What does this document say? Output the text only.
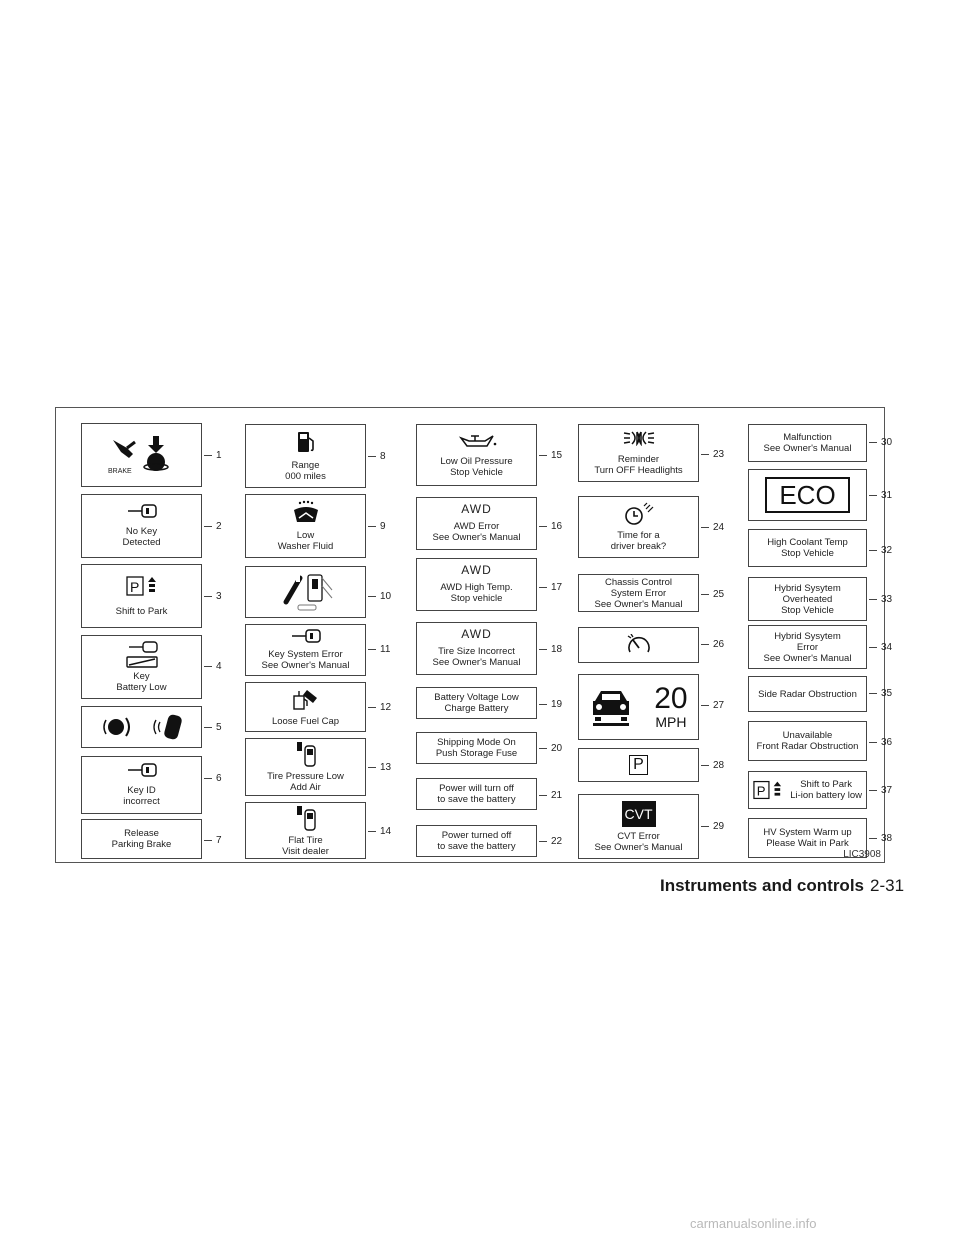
BRAKE
1
No Key
Detected
2
P
Shift to Park
3
Key
Battery Low
4
5
Key ID
incorrect
6
Release
Parking Brake	7
Range
000 miles
8
Low
Washer Fluid
9
10
Key System Error
See Owner's Manual
11
Loose Fuel Cap
12
Tire Pressure Low
Add Air
13
Flat Tire
Visit dealer
14
Low Oil Pressure
Stop Vehicle
15
AWD
AWD Error
See Owner's Manual
16
AWD
AWD High Temp.
Stop vehicle
17
AWD
Tire Size Incorrect
See Owner's Manual
18
Battery Voltage Low
Charge Battery	19
Shipping Mode On
Push Storage Fuse	20
Power will turn off
to save the battery	21
Power turned off
to save the battery	22
Reminder
Turn OFF Headlights
23
Time for a
driver break?
24
Chassis Control
System Error
See Owner's Manual
25
26
20
MPH
27
P	28
CVT
CVT Error
See Owner's Manual
29
Malfunction
See Owner's Manual
30
ECO	31
High Coolant Temp
Stop Vehicle	32
Hybrid Sysytem
Overheated
Stop Vehicle
33
Hybrid Sysytem
Error
See Owner's Manual
34
Side Radar Obstruction 35
Unavailable
Front Radar Obstruction 36
P	Shift to Park
Li-ion battery low 37
HV System Warm up
Please Wait in Park	38
LIC3908
Instruments and controls 2-31
carmanualsonline.info
